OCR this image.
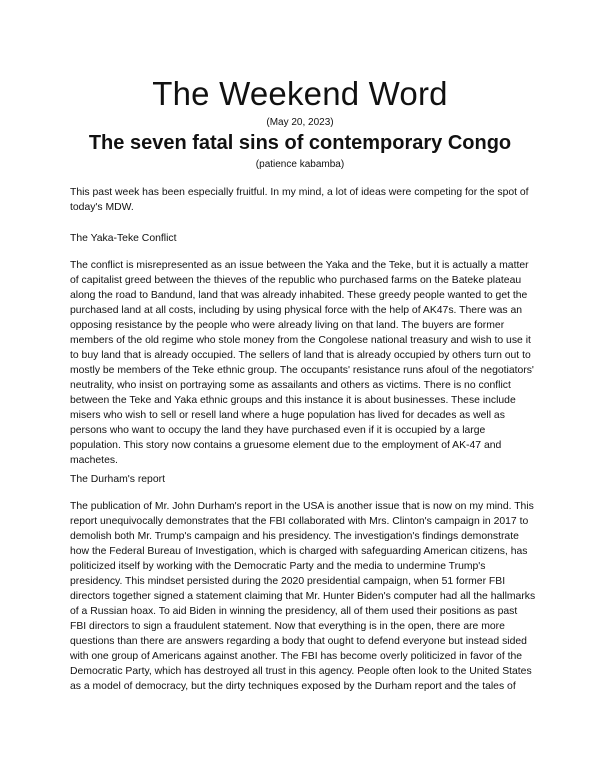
The Weekend Word
(May 20, 2023)
The seven fatal sins of contemporary Congo
(patience kabamba)

This past week has been especially fruitful. In my mind, a lot of ideas were competing for the spot of today's MDW.

The Yaka-Teke Conflict

The conflict is misrepresented as an issue between the Yaka and the Teke, but it is actually a matter of capitalist greed between the thieves of the republic who purchased farms on the Bateke plateau along the road to Bandund, land that was already inhabited. These greedy people wanted to get the purchased land at all costs, including by using physical force with the help of AK47s. There was an opposing resistance by the people who were already living on that land. The buyers are former members of the old regime who stole money from the Congolese national treasury and wish to use it to buy land that is already occupied. The sellers of land that is already occupied by others turn out to mostly be members of the Teke ethnic group. The occupants' resistance runs afoul of the negotiators' neutrality, who insist on portraying some as assailants and others as victims. There is no conflict between the Teke and Yaka ethnic groups and this instance it is about businesses. These include misers who wish to sell or resell land where a huge population has lived for decades as well as persons who want to occupy the land they have purchased even if it is occupied by a large population. This story now contains a gruesome element due to the employment of AK-47 and machetes.

The Durham's report

The publication of Mr. John Durham's report in the USA is another issue that is now on my mind. This report unequivocally demonstrates that the FBI collaborated with Mrs. Clinton's campaign in 2017 to demolish both Mr. Trump's campaign and his presidency. The investigation's findings demonstrate how the Federal Bureau of Investigation, which is charged with safeguarding American citizens, has politicized itself by working with the Democratic Party and the media to undermine Trump's presidency. This mindset persisted during the 2020 presidential campaign, when 51 former FBI directors together signed a statement claiming that Mr. Hunter Biden's computer had all the hallmarks of a Russian hoax. To aid Biden in winning the presidency, all of them used their positions as past FBI directors to sign a fraudulent statement. Now that everything is in the open, there are more questions than there are answers regarding a body that ought to defend everyone but instead sided with one group of Americans against another. The FBI has become overly politicized in favor of the Democratic Party, which has destroyed all trust in this agency. People often look to the United States as a model of democracy, but the dirty techniques exposed by the Durham report and the tales of
